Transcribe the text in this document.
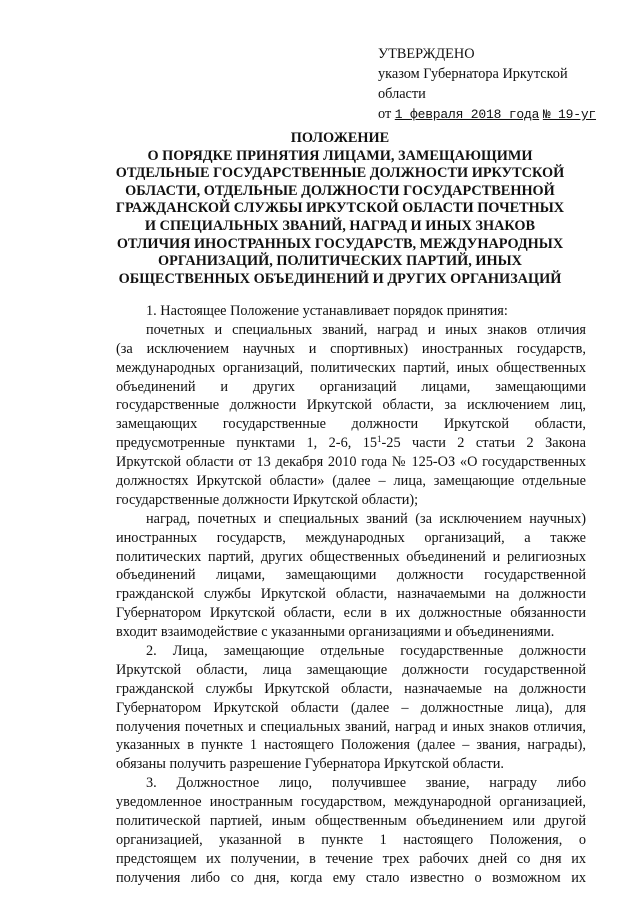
УТВЕРЖДЕНО
указом Губернатора Иркутской
области
от 1 февраля 2018 года № 19-уг
ПОЛОЖЕНИЕ
О ПОРЯДКЕ ПРИНЯТИЯ ЛИЦАМИ, ЗАМЕЩАЮЩИМИ
ОТДЕЛЬНЫЕ ГОСУДАРСТВЕННЫЕ ДОЛЖНОСТИ ИРКУТСКОЙ
ОБЛАСТИ, ОТДЕЛЬНЫЕ ДОЛЖНОСТИ ГОСУДАРСТВЕННОЙ
ГРАЖДАНСКОЙ СЛУЖБЫ ИРКУТСКОЙ ОБЛАСТИ ПОЧЕТНЫХ
И СПЕЦИАЛЬНЫХ ЗВАНИЙ, НАГРАД И ИНЫХ ЗНАКОВ
ОТЛИЧИЯ ИНОСТРАННЫХ ГОСУДАРСТВ, МЕЖДУНАРОДНЫХ
ОРГАНИЗАЦИЙ, ПОЛИТИЧЕСКИХ ПАРТИЙ, ИНЫХ
ОБЩЕСТВЕННЫХ ОБЪЕДИНЕНИЙ И ДРУГИХ ОРГАНИЗАЦИЙ
1. Настоящее Положение устанавливает порядок принятия:
почетных и специальных званий, наград и иных знаков отличия
(за исключением научных и спортивных) иностранных государств,
международных организаций, политических партий, иных общественных
объединений и других организаций лицами, замещающими
государственные должности Иркутской области, за исключением лиц,
замещающих государственные должности Иркутской области,
предусмотренные пунктами 1, 2-6, $15^1-25$ части 2 статьи 2 Закона
Иркутской области от 13 декабря 2010 года № 125-ОЗ «О государственных
должностях Иркутской области» (далее – лица, замещающие отдельные
государственные должности Иркутской области);
наград, почетных и специальных званий (за исключением научных)
иностранных государств, международных организаций, а также
политических партий, других общественных объединений и религиозных
объединений лицами, замещающими должности государственной
гражданской службы Иркутской области, назначаемыми на должности
Губернатором Иркутской области, если в их должностные обязанности
входит взаимодействие с указанными организациями и объединениями.
2. Лица, замещающие отдельные государственные должности
Иркутской области, лица замещающие должности государственной
гражданской службы Иркутской области, назначаемые на должности
Губернатором Иркутской области (далее – должностные лица), для
получения почетных и специальных званий, наград и иных знаков отличия,
указанных в пункте 1 настоящего Положения (далее – звания, награды),
обязаны получить разрешение Губернатора Иркутской области.
3. Должностное лицо, получившее звание, награду либо
уведомленное иностранным государством, международной организацией,
политической партией, иным общественным объединением или другой
организацией, указанной в пункте 1 настоящего Положения, о
предстоящем их получении, в течение трех рабочих дней со дня их
получения либо со дня, когда ему стало известно о возможном их
